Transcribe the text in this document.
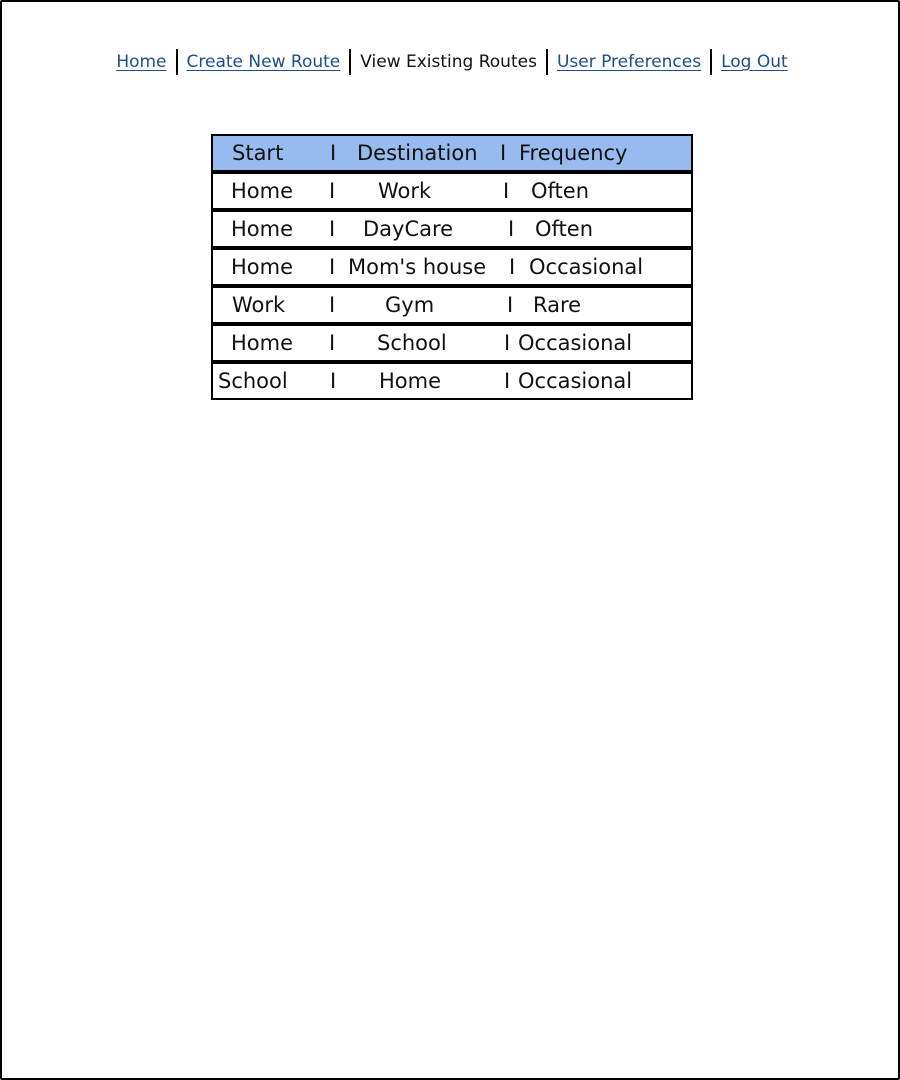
Home	Create New Route	View Existing Routes	User Preferences	Log Out
Start I Destination I Frequency
Home I Work	I Often
Home I DayCare	I Often
Home I Mom's house I Occasional
Work I Gym	I Rare
Home I School	I Occasional
School I Home	I Occasional
